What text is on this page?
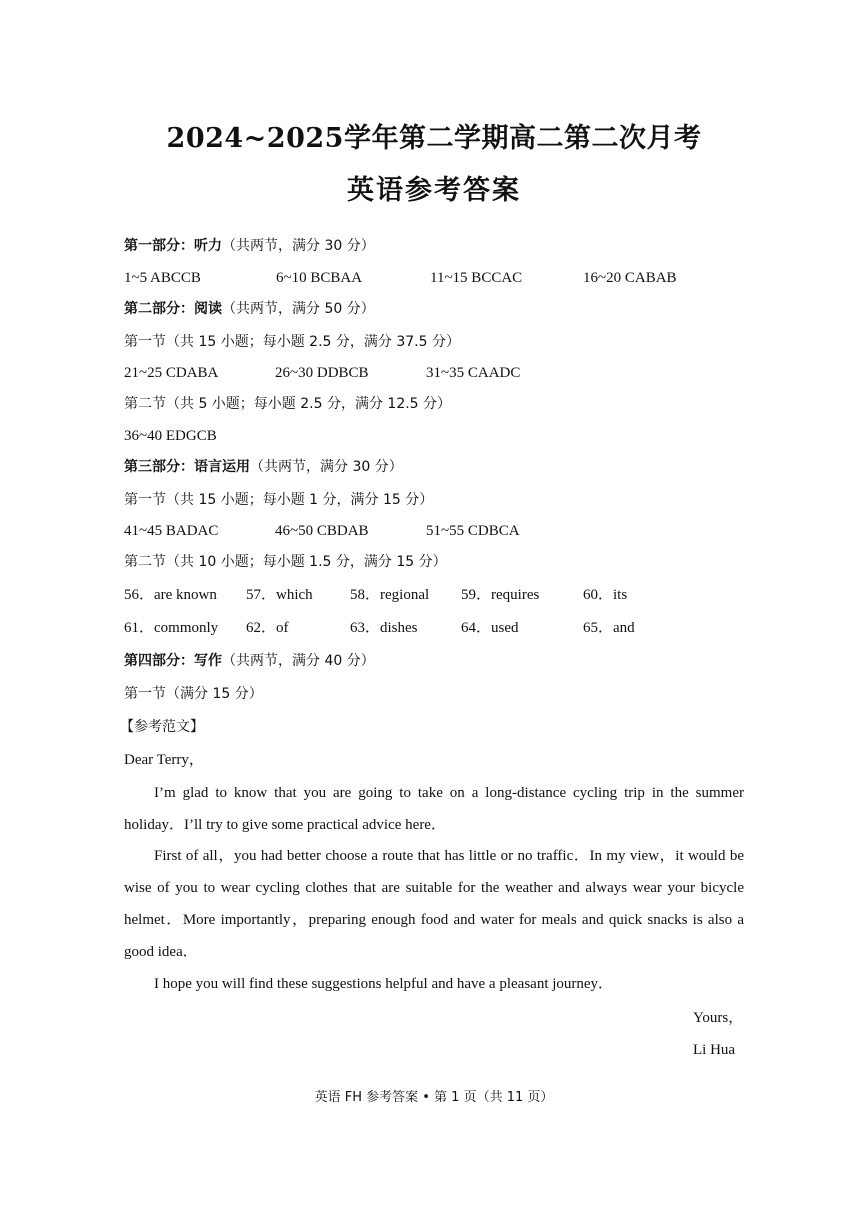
2024~2025学年第二学期高二第二次月考
英语参考答案
第一部分：听力（共两节，满分 30 分）
1~5 ABCCB	6~10 BCBAA	11~15 BCCAC	16~20 CABAB
第二部分：阅读（共两节，满分 50 分）
第一节（共 15 小题；每小题 2.5 分，满分 37.5 分）
21~25 CDABA	26~30 DDBCB	31~35 CAADC
第二节（共 5 小题；每小题 2.5 分，满分 12.5 分）
36~40 EDGCB
第三部分：语言运用（共两节，满分 30 分）
第一节（共 15 小题；每小题 1 分，满分 15 分）
41~45 BADAC	46~50 CBDAB	51~55 CDBCA
第二节（共 10 小题；每小题 1.5 分，满分 15 分）
56．are known 57．which 58．regional 59．requires	60．its
61．commonly 62．of	63．dishes	64．used	65．and
第四部分：写作（共两节，满分 40 分）
第一节（满分 15 分）
【参考范文】
Dear Terry，
I’m glad to know that you are going to take on a long-distance cycling trip in the summer holiday．I’ll try to give some practical advice here．
First of all，you had better choose a route that has little or no traffic．In my view，it would be wise of you to wear cycling clothes that are suitable for the weather and always wear your bicycle helmet．More importantly，preparing enough food and water for meals and quick snacks is also a good idea．
I hope you will find these suggestions helpful and have a pleasant journey．
Yours，
Li Hua
英语 FH 参考答案 • 第 1 页（共 11 页）
